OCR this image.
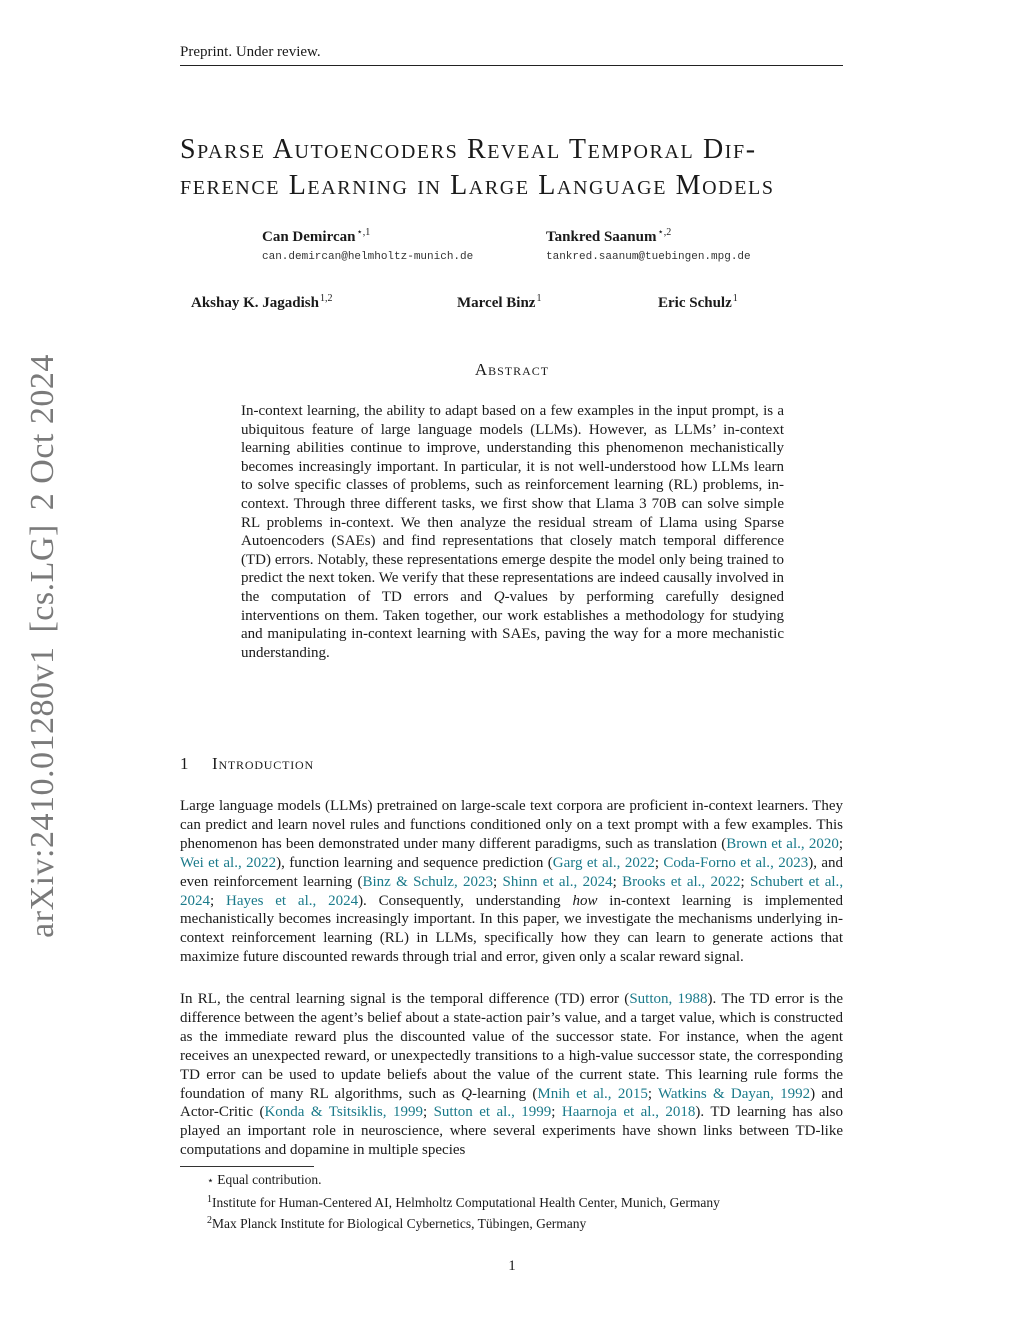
Preprint. Under review.
arXiv:2410.01280v1[cs.LG]2 Oct 2024
Sparse Autoencoders Reveal Temporal Dif-
ference Learning in Large Language Models
Can Demircan$^{⋆,1}$
can.demircan@helmholtz-munich.de
Tankred Saanum$^{⋆,2}$
tankred.saanum@tuebingen.mpg.de
Akshay K. Jagadish$^{1,2}$	Marcel Binz$^1$	Eric Schulz$^1$
Abstract
In-context learning, the ability to adapt based on a few examples in the input prompt, is a ubiquitous feature of large language models (LLMs). However, as LLMs’ in-context learning abilities continue to improve, understanding this phenomenon mechanistically becomes increasingly important. In particular, it is not well-understood how LLMs learn to solve specific classes of problems, such as reinforcement learning (RL) problems, in-context. Through three different tasks, we first show that Llama 3 70B can solve simple RL problems in-context. We then analyze the residual stream of Llama using Sparse Autoencoders (SAEs) and find representations that closely match temporal difference (TD) errors. Notably, these representations emerge despite the model only being trained to predict the next token. We verify that these representations are indeed causally involved in the computation of TD errors and Q-values by performing carefully designed interventions on them. Taken together, our work establishes a methodology for studying and manipulating in-context learning with SAEs, paving the way for a more mechanistic understanding.
1 Introduction
Large language models (LLMs) pretrained on large-scale text corpora are proficient in-context learners. They can predict and learn novel rules and functions conditioned only on a text prompt with a few examples. This phenomenon has been demonstrated under many different paradigms, such as translation (Brown et al., 2020; Wei et al., 2022), function learning and sequence prediction (Garg et al., 2022; Coda-Forno et al., 2023), and even reinforcement learning (Binz & Schulz, 2023; Shinn et al., 2024; Brooks et al., 2022; Schubert et al., 2024; Hayes et al., 2024). Consequently, understanding how in-context learning is implemented mechanistically becomes increasingly important. In this paper, we investigate the mechanisms underlying in-context reinforcement learning (RL) in LLMs, specifically how they can learn to generate actions that maximize future discounted rewards through trial and error, given only a scalar reward signal.
In RL, the central learning signal is the temporal difference (TD) error (Sutton, 1988). The TD error is the difference between the agent’s belief about a state-action pair’s value, and a target value, which is constructed as the immediate reward plus the discounted value of the successor state. For instance, when the agent receives an unexpected reward, or unexpectedly transitions to a high-value successor state, the corresponding TD error can be used to update beliefs about the value of the current state. This learning rule forms the foundation of many RL algorithms, such as Q-learning (Mnih et al., 2015; Watkins & Dayan, 1992) and Actor-Critic (Konda & Tsitsiklis, 1999; Sutton et al., 1999; Haarnoja et al., 2018). TD learning has also played an important role in neuroscience, where several experiments have shown links between TD-like computations and dopamine in multiple species
⋆ Equal contribution.
$^1$Institute for Human-Centered AI, Helmholtz Computational Health Center, Munich, Germany
$^2$Max Planck Institute for Biological Cybernetics, Tübingen, Germany
1
